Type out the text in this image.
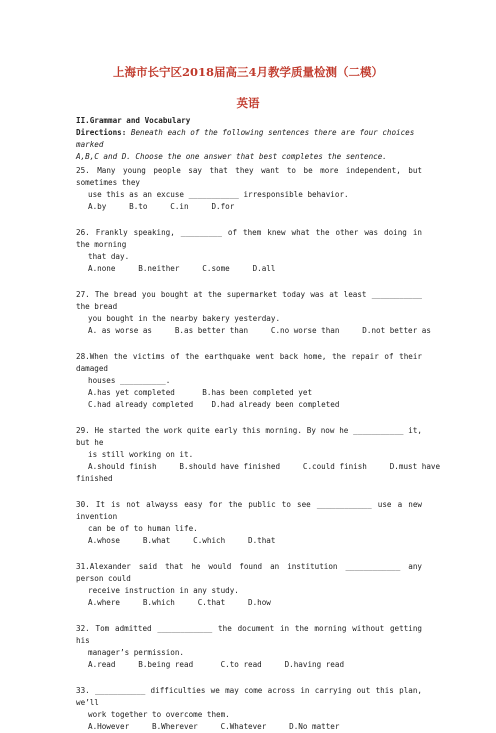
上海市长宁区2018届高三4月教学质量检测（二模）
英语
II.Grammar and Vocabulary
Directions: Beneath each of the following sentences there are four choices marked
A,B,C and D. Choose the one answer that best completes the sentence.
25. Many young people say that they want to be more independent, but sometimes they
use this as an excuse ___________ irresponsible behavior.
A.by     B.to     C.in     D.for
26. Frankly speaking, _________ of them knew what the other was doing in the morning
that day.
A.none     B.neither     C.some     D.all
27. The bread you bought at the supermarket today was at least ___________ the bread
you bought in the nearby bakery yesterday.
A. as worse as     B.as better than     C.no worse than     D.not better as
28.When the victims of the earthquake went back home, the repair of their damaged
houses __________.
A.has yet completed      B.has been completed yet
C.had already completed    D.had already been completed
29. He started the work quite early this morning. By now he ___________ it, but he
is still working on it.
A.should finish     B.should have finished     C.could finish     D.must have
finished
30. It is not alwayss easy for the public to see ____________ use a new invention
can be of to human life.
A.whose     B.what     C.which     D.that
31.Alexander said that he would found an institution ____________ any person could
receive instruction in any study.
A.where     B.which     C.that     D.how
32. Tom admitted ____________ the document in the morning without getting his
manager’s permission.
A.read     B.being read      C.to read     D.having read
33. ___________ difficulties we may come across in carrying out this plan, we’ll
work together to overcome them.
A.However     B.Wherever     C.Whatever     D.No matter
